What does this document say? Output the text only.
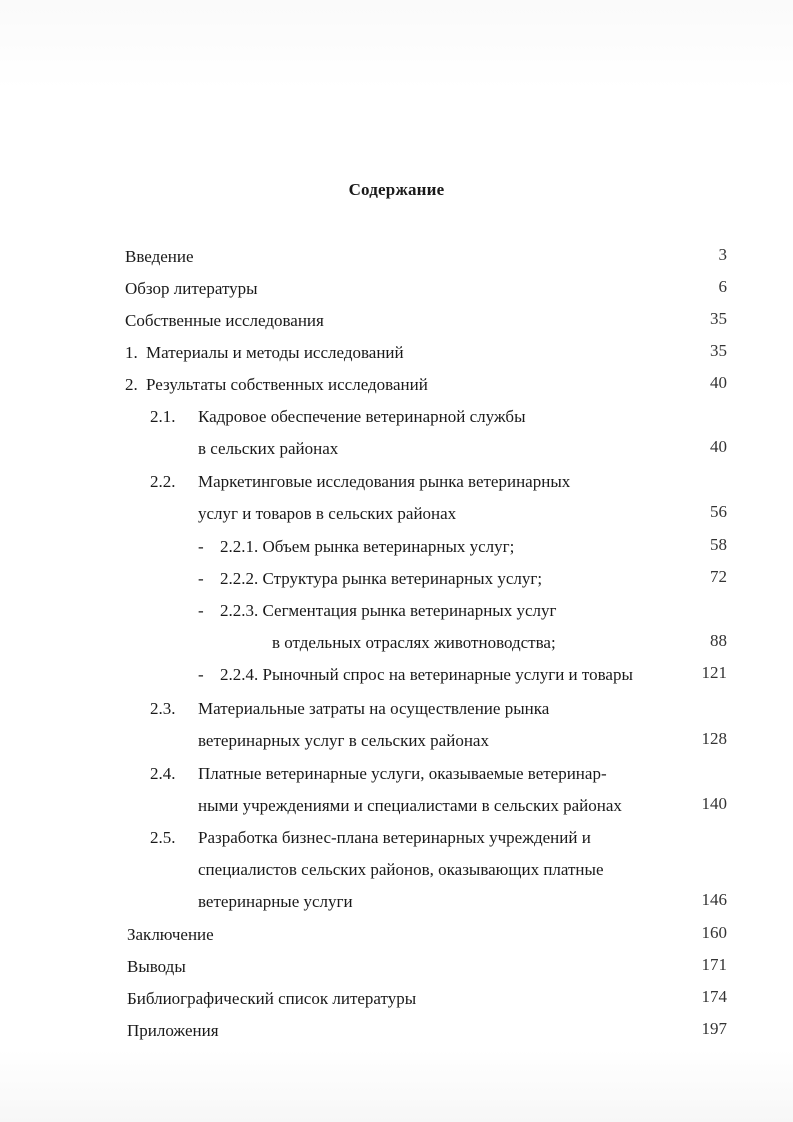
Содержание
Введение	3
Обзор литературы	6
Собственные исследования	35
1. Материалы и методы исследований	35
2. Результаты собственных исследований	40
2.1. Кадровое обеспечение ветеринарной службы
в сельских районах	40
2.2. Маркетинговые исследования рынка ветеринарных
услуг и товаров в сельских районах	56
- 2.2.1. Объем рынка ветеринарных услуг;	58
- 2.2.2. Структура рынка ветеринарных услуг;	72
- 2.2.3. Сегментация рынка ветеринарных услуг
в отдельных отраслях животноводства;	88
- 2.2.4. Рыночный спрос на ветеринарные услуги и товары	121
2.3. Материальные затраты на осуществление рынка
ветеринарных услуг в сельских районах	128
2.4. Платные ветеринарные услуги, оказываемые ветеринар-
ными учреждениями и специалистами в сельских районах	140
2.5. Разработка бизнес-плана ветеринарных учреждений и
специалистов сельских районов, оказывающих платные
ветеринарные услуги	146
Заключение	160
Выводы	171
Библиографический список литературы	174
Приложения	197
